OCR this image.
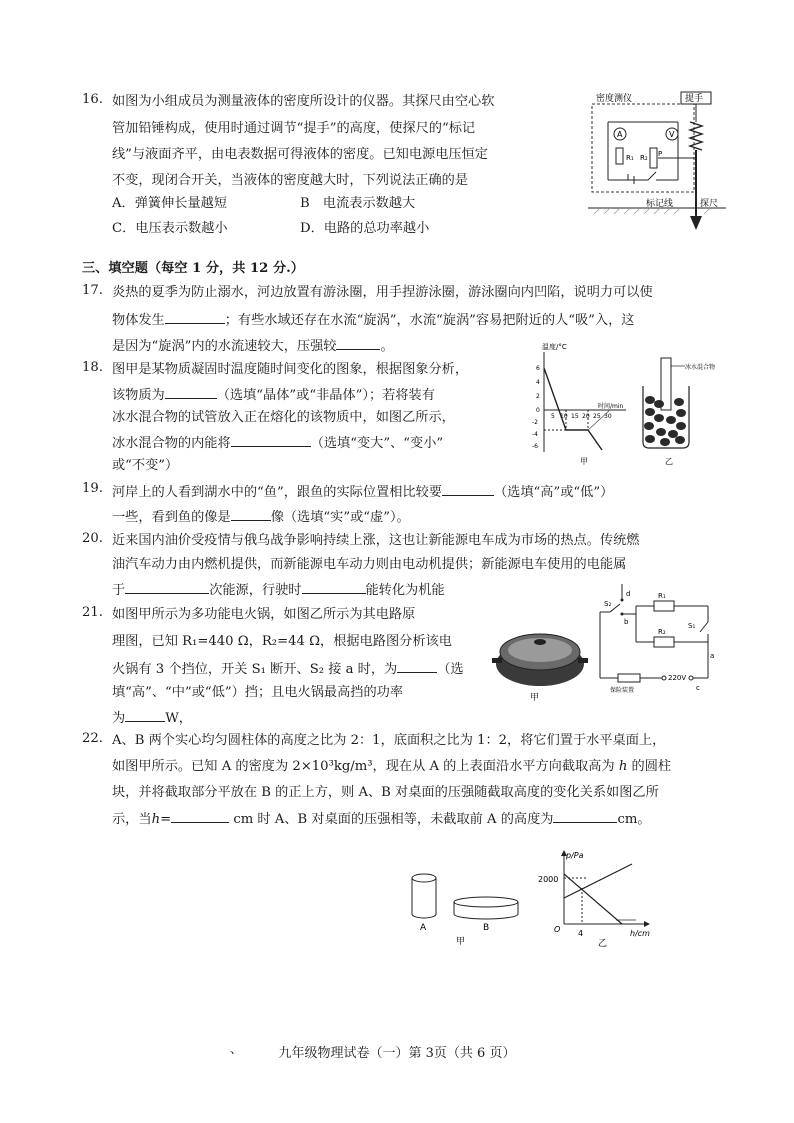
16. 如图为小组成员为测量液体的密度所设计的仪器。其探尺由空心软
管加铅锤构成，使用时通过调节“提手”的高度，使探尺的“标记
线”与液面齐平，由电表数据可得液体的密度。已知电源电压恒定
不变，现闭合开关，当液体的密度越大时，下列说法正确的是
A．弹簧伸长量越短	B　电流表示数越大
C．电压表示数越小	D．电路的总功率越小
密度测仪	提手
A	V
R₁ R₂ P
标记线	探尺
三、填空题（每空 1 分，共 12 分.）
17. 炎热的夏季为防止溺水，河边放置有游泳圈，用手捏游泳圈，游泳圈向内凹陷，说明力可以使
物体发生	；有些水域还存在水流“旋涡”，水流“旋涡”容易把附近的人“吸”入，这
是因为“旋涡”内的水流速较大，压强较	。
18. 图甲是某物质凝固时温度随时间变化的图象，根据图象分析，
该物质为	（选填“晶体”或“非晶体”）；若将装有
冰水混合物的试管放入正在熔化的该物质中，如图乙所示，
冰水混合物的内能将	（选填“变大”、“变小”
或“不变”）
温度/°C
时间/min
6
4
2
0
-2
-4
-6
5 10 15 20 25 30
甲
冰水混合物
乙
19. 河岸上的人看到湖水中的“鱼”，跟鱼的实际位置相比较要	（选填“高”或“低”）
一些，看到鱼的像是	像（选填“实”或“虚”）。
20. 近来国内油价受疫情与俄乌战争影响持续上涨，这也让新能源电车成为市场的热点。传统燃
油汽车动力由内燃机提供，而新能源电车动力则由电动机提供；新能源电车使用的电能属
于	次能源，行驶时	能转化为机能
21. 如图甲所示为多功能电火锅，如图乙所示为其电路原
理图，已知 R₁=440 Ω，R₂=44 Ω，根据电路图分析该电
火锅有 3 个挡位，开关 S₁ 断开、S₂ 接 a 时，为	（选
填“高”、“中”或“低”）挡；且电火锅最高挡的功率
为	W，
甲
S₂
d
b
R₁
R₂
S₁
a
保险装置
220V
c
22. A、B 两个实心均匀圆柱体的高度之比为 2：1，底面积之比为 1：2，将它们置于水平桌面上，
如图甲所示。已知 A 的密度为 2×10³kg/m³，现在从 A 的上表面沿水平方向截取高为 h 的圆柱
块，并将截取部分平放在 B 的正上方，则 A、B 对桌面的压强随截取高度的变化关系如图乙所
示，当h=	cm 时 A、B 对桌面的压强相等，未截取前 A 的高度为	cm。
A	B
甲
p/Pa
h/cm
2000
4
O
乙
、	九年级物理试卷（一）第 3页（共 6 页）
